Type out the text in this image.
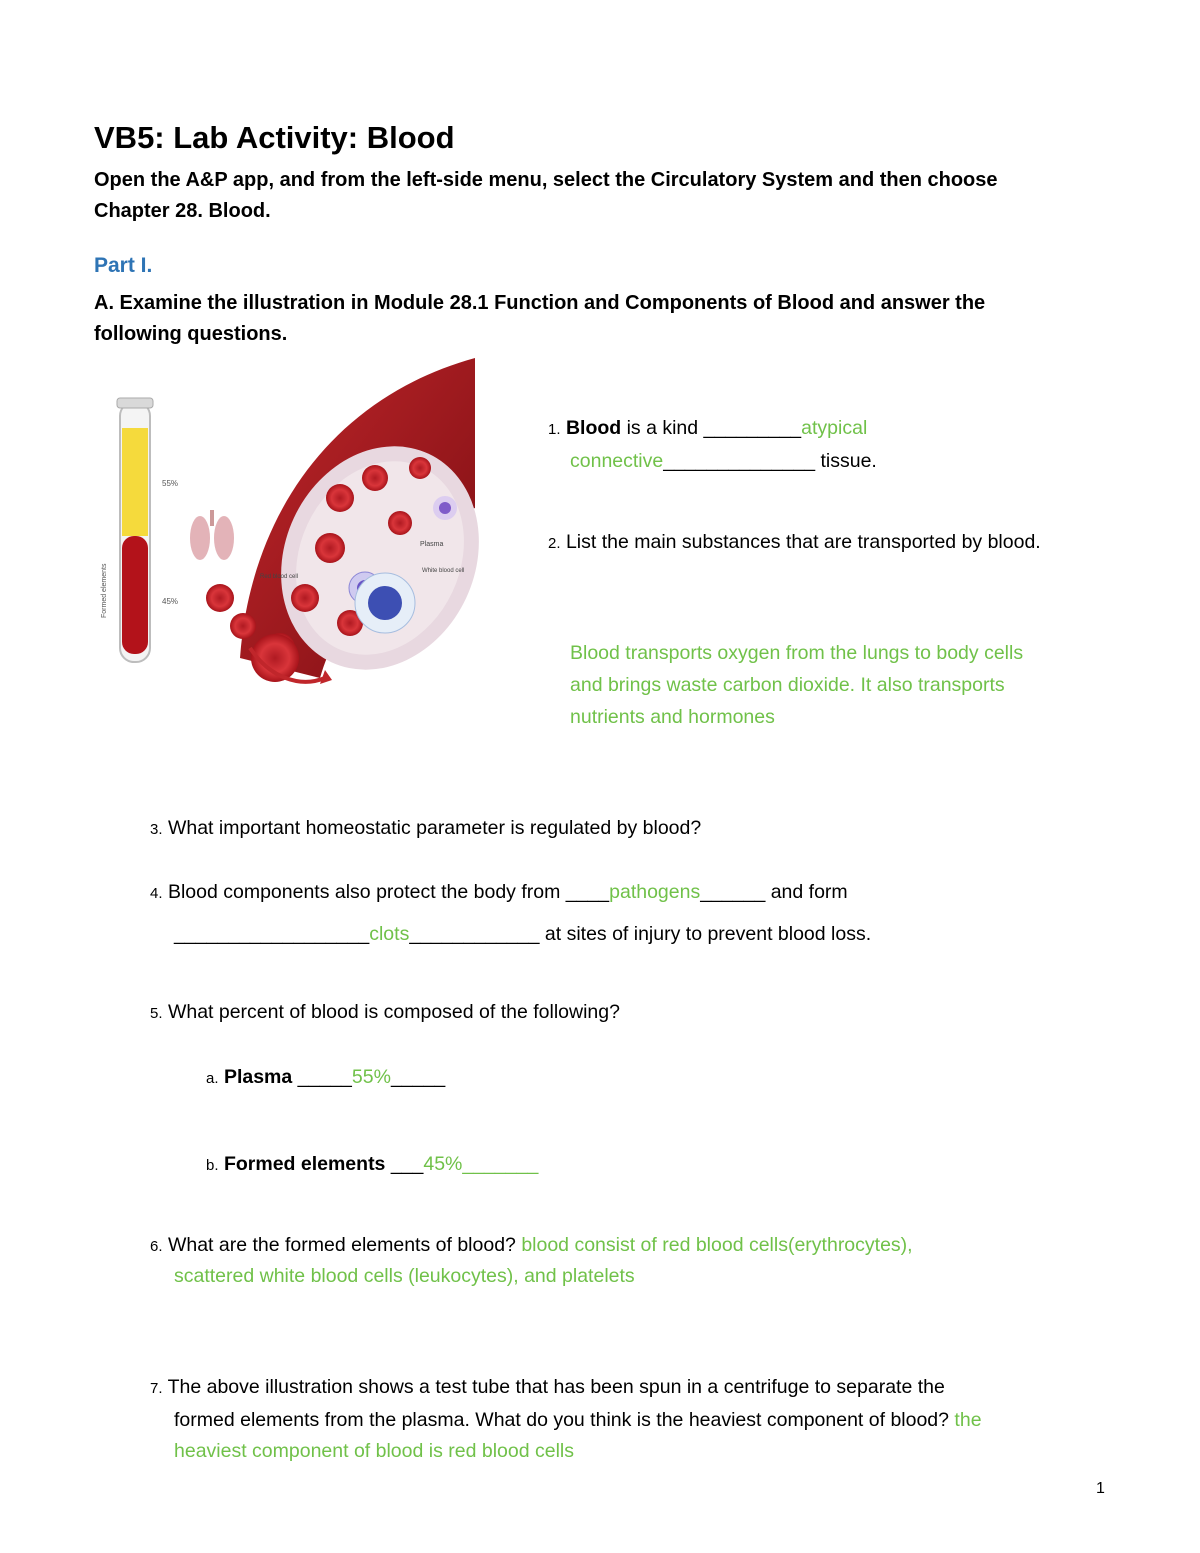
VB5: Lab Activity: Blood
Open the A&P app, and from the left-side menu, select the Circulatory System and then choose Chapter 28. Blood.
Part I.
A. Examine the illustration in Module 28.1 Function and Components of Blood and answer the following questions.
55%
45%
Formed elements
Plasma
Red blood cell
White blood cell
1. Blood is a kind _________atypical
connective______________ tissue.
2. List the main substances that are transported by blood.
Blood transports oxygen from the lungs to body cells
and brings waste carbon dioxide. It also transports
nutrients and hormones
3. What important homeostatic parameter is regulated by blood?
4. Blood components also protect the body from ____pathogens______ and form
__________________clots____________ at sites of injury to prevent blood loss.
5. What percent of blood is composed of the following?
a. Plasma _____55%_____
b. Formed elements ___45%_______
6. What are the formed elements of blood? blood consist of red blood cells(erythrocytes),
scattered white blood cells (leukocytes), and platelets
7. The above illustration shows a test tube that has been spun in a centrifuge to separate the
formed elements from the plasma. What do you think is the heaviest component of blood? the
heaviest component of blood is red blood cells
1
